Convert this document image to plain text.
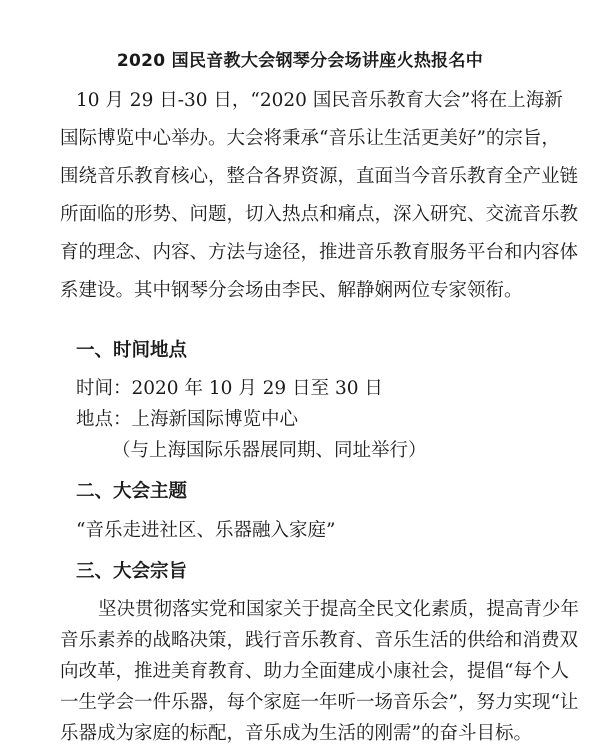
2020 国民音教大会钢琴分会场讲座火热报名中
10 月 29 日-30 日，“2020 国民音乐教育大会”将在上海新
国际博览中心举办。大会将秉承“音乐让生活更美好”的宗旨，
围绕音乐教育核心，整合各界资源，直面当今音乐教育全产业链
所面临的形势、问题，切入热点和痛点，深入研究、交流音乐教
育的理念、内容、方法与途径，推进音乐教育服务平台和内容体
系建设。其中钢琴分会场由李民、解静娴两位专家领衔。
一、时间地点
时间：2020 年 10 月 29 日至 30 日
地点：上海新国际博览中心
（与上海国际乐器展同期、同址举行）
二、大会主题
“音乐走进社区、乐器融入家庭”
三、大会宗旨
坚决贯彻落实党和国家关于提高全民文化素质，提高青少年
音乐素养的战略决策，践行音乐教育、音乐生活的供给和消费双
向改革，推进美育教育、助力全面建成小康社会，提倡“每个人
一生学会一件乐器，每个家庭一年听一场音乐会”，努力实现“让
乐器成为家庭的标配，音乐成为生活的刚需”的奋斗目标。
